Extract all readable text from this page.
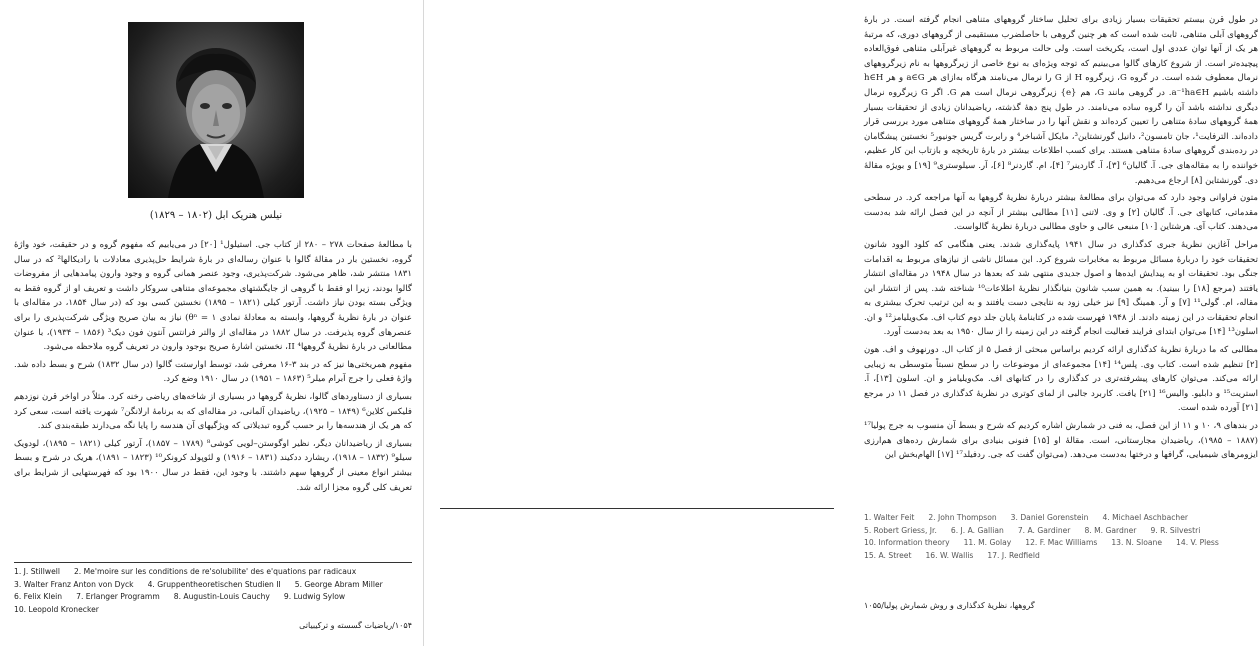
نیلس هنریک ابل (۱۸۰۲ – ۱۸۲۹)

با مطالعهٔ صفحات ۲۷۸ – ۲۸۰ از کتاب جی. استیلول¹ [۲۰] در می‌یابیم که مفهوم گروه و در حقیقت، خود واژهٔ گروه، نخستین بار در مقالهٔ گالوا با عنوان رساله‌ای در بارهٔ شرایط حل‌پذیری معادلات با رادیکالها² که در سال ۱۸۳۱ منتشر شد، ظاهر می‌شود. شرکت‌پذیری، وجود عنصر همانی گروه و وجود وارون پیامدهایی از مفروضات گالوا بودند، زیرا او فقط با گروهی از جایگشتهای مجموعه‌ای متناهی سروکار داشت و تعریف او از گروه فقط به ویژگی بسته بودن نیاز داشت. آرتور کیلی (۱۸۲۱ – ۱۸۹۵) نخستین کسی بود که (در سال ۱۸۵۴، در مقاله‌ای با عنوان در بارهٔ نظریهٔ گروهها، وابسته به معادلهٔ نمادی θⁿ = ۱) نیاز به بیان صریح ویژگی شرکت‌پذیری را برای عنصرهای گروه پذیرفت. در سال ۱۸۸۲ در مقاله‌ای از والتر فرانتس آنتون فون دیک³ (۱۸۵۶ – ۱۹۳۴)، با عنوان مطالعاتی در بارهٔ نظریهٔ گروهها⁴ II، نخستین اشارهٔ صریح بوجود وارون در تعریف گروه ملاحظه می‌شود.

مفهوم همریختی‌ها نیز که در بند ۳-۱۶ معرفی شد، توسط اوارستت گالوا (در سال ۱۸۳۲) شرح و بسط داده شد. واژهٔ فعلی را جرج آبرام میلر⁵ (۱۸۶۳ – ۱۹۵۱) در سال ۱۹۱۰ وضع کرد.

بسیاری از دستاوردهای گالوا، نظریهٔ گروهها در بسیاری از شاخه‌های ریاضی رخنه کرد. مثلاً در اواخر قرن نوزدهم فلیکس کلاین⁶ (۱۸۴۹ – ۱۹۲۵)، ریاضیدان آلمانی، در مقاله‌ای که به برنامهٔ ارلانگن⁷ شهرت یافته است، سعی کرد که هر یک از هندسه‌ها را بر حسب گروه تبدیلاتی که ویژگیهای آن هندسه را پایا نگه می‌دارند طبقه‌بندی کند.

بسیاری از ریاضیدانان دیگر، نظیر اوگوستن–لویی کوشی⁸ (۱۷۸۹ – ۱۸۵۷)، آرتور کیلی (۱۸۲۱ – ۱۸۹۵)، لودویک سیلو⁹ (۱۸۳۲ – ۱۹۱۸)، ریشارد ددکیند (۱۸۳۱ – ۱۹۱۶) و لئوپولد کرونکر¹⁰ (۱۸۲۳ – ۱۸۹۱)، هریک در شرح و بسط بیشتر انواع معینی از گروهها سهم داشتند. با وجود این، فقط در سال ۱۹۰۰ بود که فهرستهایی از شرایط برای تعریف کلی گروه مجزا ارائه شد.

1. J. Stillwell 2. Me'moire sur les conditions de re'solubilite' des e'quations par radicaux
3. Walter Franz Anton von Dyck 4. Gruppentheoretischen Studien II 5. George Abram Miller
6. Felix Klein 7. Erlanger Programm 8. Augustin-Louis Cauchy 9. Ludwig Sylow
10. Leopold Kronecker
۱۰۵۴/ریاضیات گسسته و ترکیبیاتی

در طول قرن بیستم تحقیقات بسیار زیادی برای تحلیل ساختار گروههای متناهی انجام گرفته است. در بارهٔ گروههای آبلی متناهی، ثابت شده است که هر چنین گروهی با حاصلضرب مستقیمی از گروههای دوری، که مرتبهٔ هر یک از آنها توان عددی اول است، یکریخت است. ولی حالت مربوط به گروههای غیرآبلی متناهی فوق‌العاده پیچیده‌تر است. از شروع کارهای گالوا می‌بینیم که توجه ویژه‌ای به نوع خاصی از زیرگروهها به نام زیرگروههای نرمال معطوف شده است. در گروه G، زیرگروه H از G را نرمال می‌نامند هرگاه به‌ازای هر a∈G و هر h∈H داشته باشیم a⁻¹ha∈H. در گروهی مانند G، هم {e} زیرگروهی نرمال است هم G. اگر G زیرگروه نرمال دیگری نداشته باشد آن را گروه ساده می‌نامند. در طول پنج دههٔ گذشته، ریاضیدانان زیادی از تحقیقات بسیار همهٔ گروههای سادهٔ متناهی را تعیین کرده‌اند و نقش آنها را در ساختار همهٔ گروههای متناهی مورد بررسی قرار داده‌اند. الترفایت¹، جان تامسون²، دانیل گورنشتاین³، مایکل آشباخر⁴ و رابرت گریس جونیور⁵ نخستین پیشگامان در رده‌بندی گروههای سادهٔ متناهی هستند. برای کسب اطلاعات بیشتر در بارهٔ تاریخچه و بازتاب این کار عظیم، خواننده را به مقاله‌های جی. آ. گالیان⁶ [۳]، آ. گاردینر⁷ [۴]، ام. گاردنر⁸ [۶]، آر. سیلوستری⁹ [۱۹] و بویژه مقالهٔ دی. گورنشتاین [۸] ارجاع می‌دهیم.

متون فراوانی وجود دارد که می‌توان برای مطالعهٔ بیشتر دربارهٔ نظریهٔ گروهها به آنها مراجعه کرد. در سطحی مقدماتی، کتابهای جی. آ. گالیان [۲] و وی. لاتنی [۱۱] مطالبی بیشتر از آنچه در این فصل ارائه شد به‌دست می‌دهند. کتاب آی. هرشتاین [۱۰] منبعی عالی و حاوی مطالبی دربارهٔ نظریهٔ گالواست.

مراحل آغازین نظریهٔ جبری کدگذاری در سال ۱۹۴۱ پایه‌گذاری شدند. یعنی هنگامی که کلود الوود شانون تحقیقات خود را دربارهٔ مسائل مربوط به مخابرات شروع کرد. این مسائل ناشی از نیازهای مربوط به اقدامات جنگی بود. تحقیقات او به پیدایش ایده‌ها و اصول جدیدی منتهی شد که بعدها در سال ۱۹۴۸ در مقاله‌ای انتشار یافتند (مرجع [۱۸] را ببینید). به همین سبب شانون بنیانگذار نظریهٔ اطلاعات¹⁰ شناخته شد. پس از انتشار این مقاله، ام. گولی¹¹ [۷] و آر. همینگ [۹] نیز خیلی زود به نتایجی دست یافتند و به این ترتیب تحرک بیشتری به انجام تحقیقات در این زمینه دادند. از ۱۹۴۸ فهرست شده در کتابنامهٔ پایان جلد دوم کتاب اف. مک‌ویلیامز¹² و ان. اسلون¹³ [۱۴] می‌توان ابتدای فرایند فعالیت انجام گرفته در این زمینه را از سال ۱۹۵۰ به بعد به‌دست آورد.

مطالبی که ما دربارهٔ نظریهٔ کدگذاری ارائه کردیم براساس مبحثی از فصل ۵ از کتاب ال. دورنهوف و اف. هون [۲] تنظیم شده است. کتاب وی. پلس¹⁴ [۱۴] مجموعه‌ای از موضوعات را در سطح نسبتاً متوسطی به زیبایی ارائه می‌کند. می‌توان کارهای پیشرفته‌تری در کدگذاری را در کتابهای اف. مک‌ویلیامز و ان. اسلون [۱۳]، آ. استریت¹⁵ و دابلیو. والیس¹⁶ [۲۱] یافت. کاربرد جالبی از لمای کوتری در نظریهٔ کدگذاری در فصل ۱۱ در مرجع [۲۱] آورده شده است.

در بندهای ۹، ۱۰ و ۱۱ از این فصل، به فنی در شمارش اشاره کردیم که شرح و بسط آن منسوب به جرج پولیا¹⁷ (۱۸۸۷ – ۱۹۸۵)، ریاضیدان مجارستانی، است. مقالهٔ او [۱۵] فنونی بنیادی برای شمارش رده‌های هم‌ارزی ایزومرهای شیمیایی، گرافها و درختها به‌دست می‌دهد. (می‌توان گفت که جی. ردفیلد¹⁷ [۱۷] الهام‌بخش این

1. Walter Feit 2. John Thompson 3. Daniel Gorenstein 4. Michael Aschbacher
5. Robert Griess, Jr. 6. J. A. Gallian 7. A. Gardiner 8. M. Gardner 9. R. Silvestri
10. Information theory 11. M. Golay 12. F. Mac Williams 13. N. Sloane 14. V. Pless
15. A. Street 16. W. Wallis 17. J. Redfield
گروهها، نظریهٔ کدگذاری و روش شمارش پولیا/۱۰۵۵
